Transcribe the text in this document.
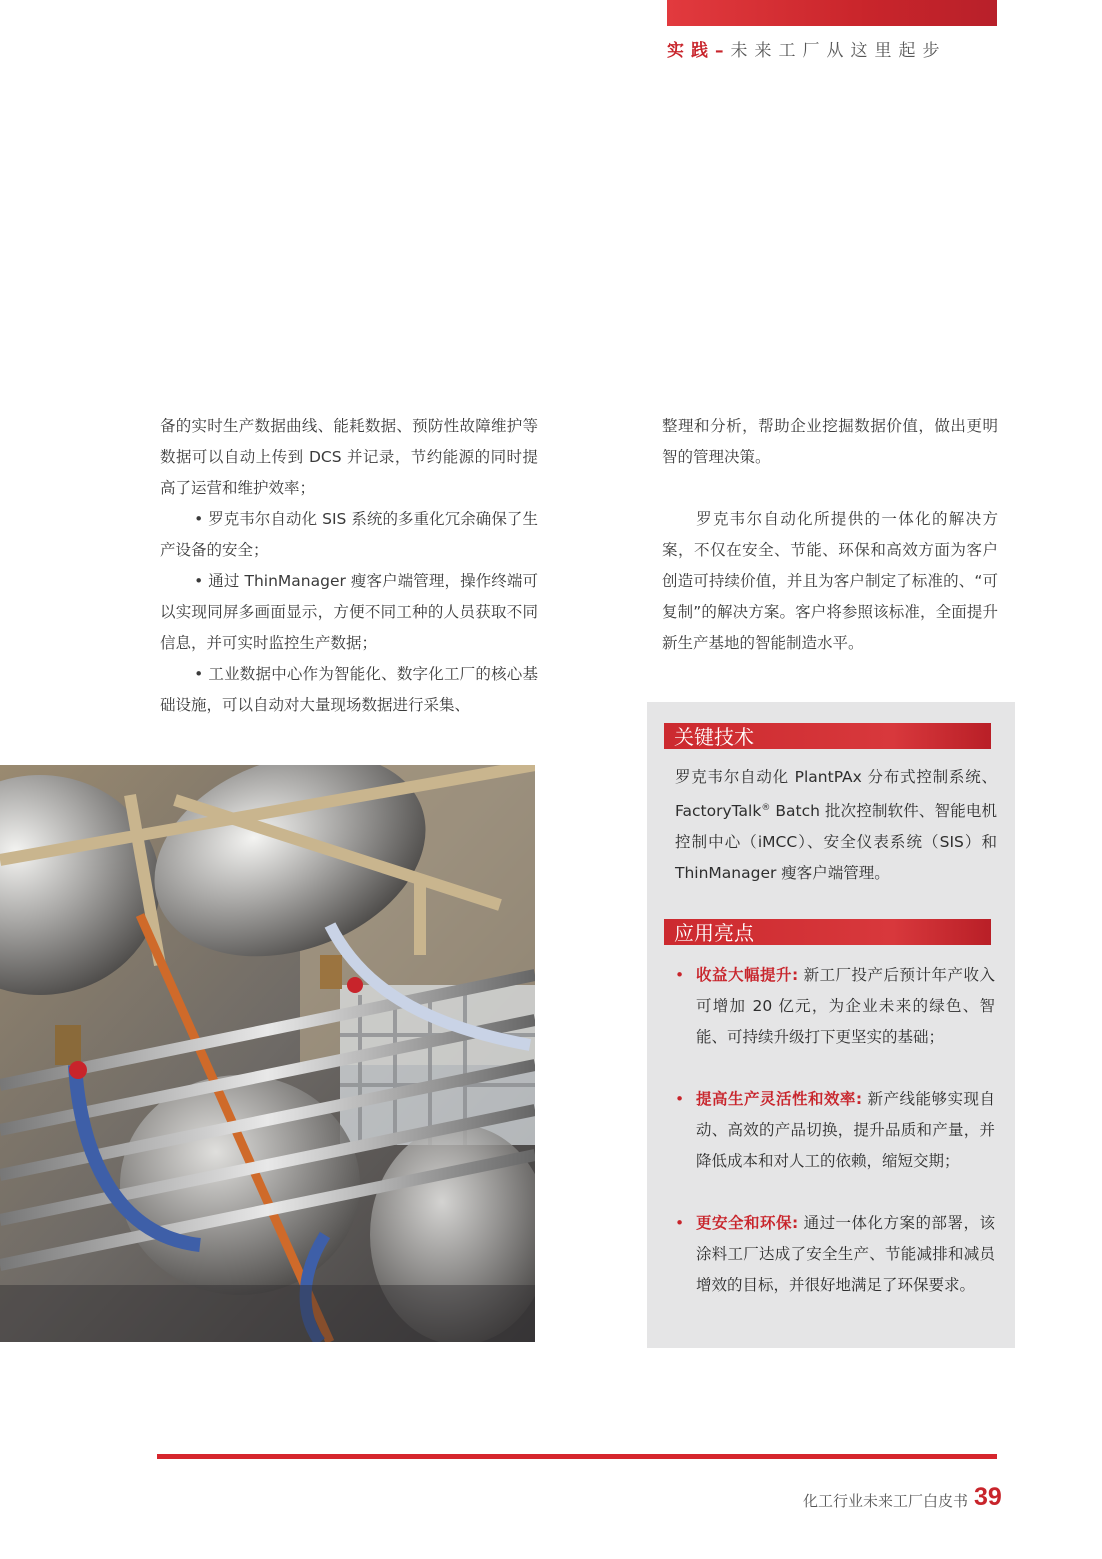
实践–未来工厂从这里起步

备的实时生产数据曲线、能耗数据、预防性故障维护等数据可以自动上传到 DCS 并记录，节约能源的同时提高了运营和维护效率；

• 罗克韦尔自动化 SIS 系统的多重化冗余确保了生产设备的安全；

• 通过 ThinManager 瘦客户端管理，操作终端可以实现同屏多画面显示，方便不同工种的人员获取不同信息，并可实时监控生产数据；

• 工业数据中心作为智能化、数字化工厂的核心基础设施，可以自动对大量现场数据进行采集、

整理和分析，帮助企业挖掘数据价值，做出更明智的管理决策。

罗克韦尔自动化所提供的一体化的解决方案，不仅在安全、节能、环保和高效方面为客户创造可持续价值，并且为客户制定了标准的、“可复制”的解决方案。客户将参照该标准，全面提升新生产基地的智能制造水平。

关键技术

罗克韦尔自动化 PlantPAx 分布式控制系统、FactoryTalk® Batch 批次控制软件、智能电机控制中心（iMCC）、安全仪表系统（SIS）和 ThinManager 瘦客户端管理。

应用亮点
• 收益大幅提升: 新工厂投产后预计年产收入可增加 20 亿元，为企业未来的绿色、智能、可持续升级打下更坚实的基础；
• 提高生产灵活性和效率: 新产线能够实现自动、高效的产品切换，提升品质和产量，并降低成本和对人工的依赖，缩短交期；
• 更安全和环保: 通过一体化方案的部署，该涂料工厂达成了安全生产、节能减排和减员增效的目标，并很好地满足了环保要求。
化工行业未来工厂白皮书 39
